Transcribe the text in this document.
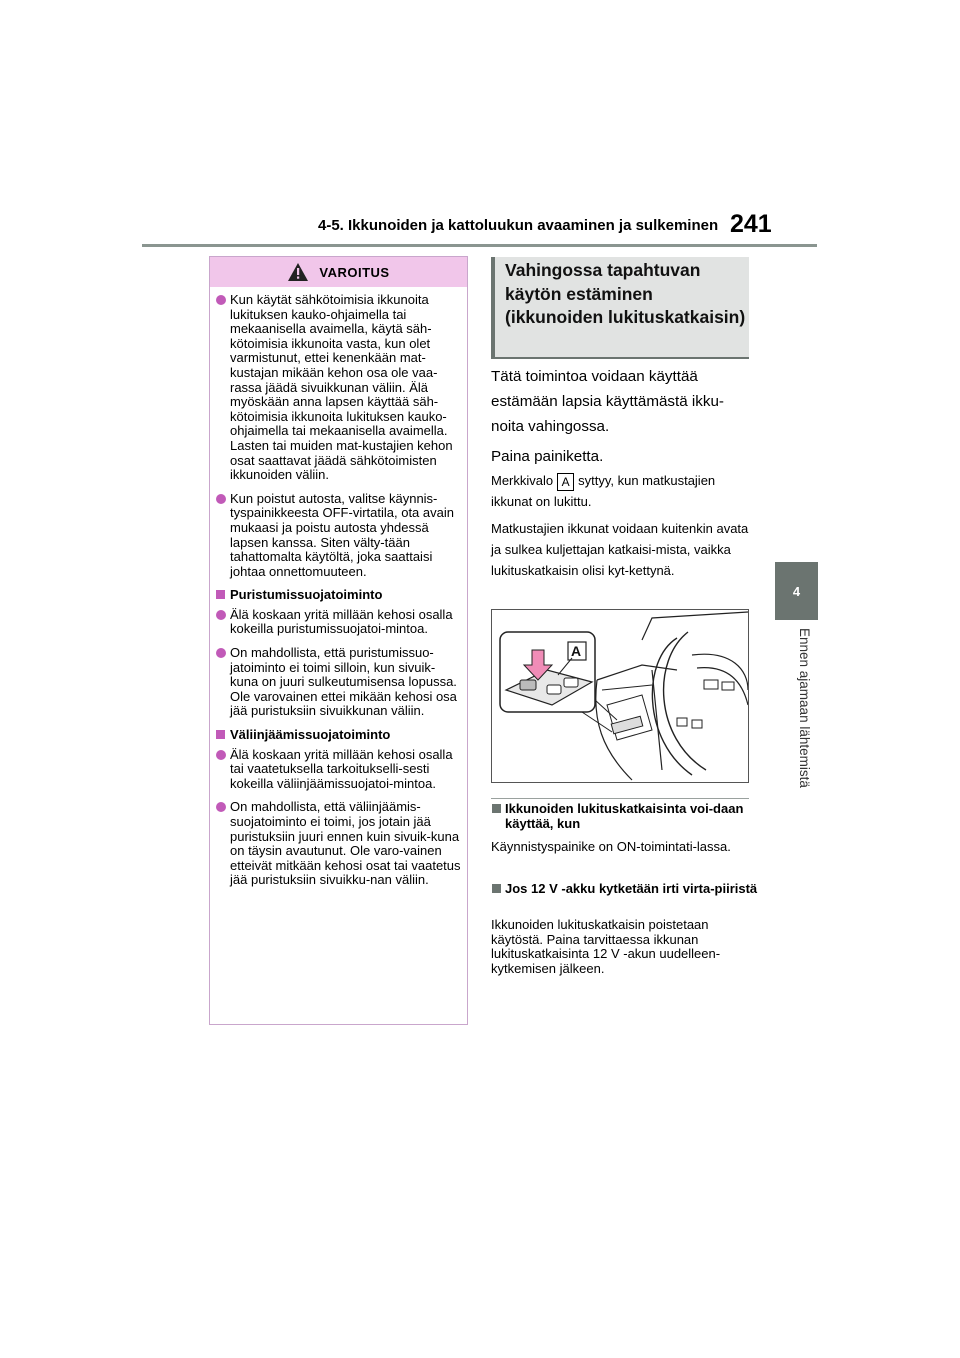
4-5. Ikkunoiden ja kattoluukun avaaminen ja sulkeminen 241
4
Ennen ajamaan lähtemistä
VAROITUS
Kun käytät sähkötoimisia ikkunoita lukituksen kauko-ohjaimella tai mekaanisella avaimella, käytä säh-kötoimisia ikkunoita vasta, kun olet varmistunut, ettei kenenkään mat-kustajan mikään kehon osa ole vaa-rassa jäädä sivuikkunan väliin. Älä myöskään anna lapsen käyttää säh-kötoimisia ikkunoita lukituksen kauko-ohjaimella tai mekaanisella avaimella. Lasten tai muiden mat-kustajien kehon osat saattavat jäädä sähkötoimisten ikkunoiden väliin.
Kun poistut autosta, valitse käynnis-tyspainikkeesta OFF-virtatila, ota avain mukaasi ja poistu autosta yhdessä lapsen kanssa. Siten välty-tään tahattomalta käytöltä, joka saattaisi johtaa onnettomuuteen.
Puristumissuojatoiminto
Älä koskaan yritä millään kehosi osalla kokeilla puristumissuojatoi-mintoa.
On mahdollista, että puristumissuo-jatoiminto ei toimi silloin, kun sivuik-kuna on juuri sulkeutumisensa lopussa. Ole varovainen ettei mikään kehosi osa jää puristuksiin sivuikkunan väliin.
Väliinjäämissuojatoiminto
Älä koskaan yritä millään kehosi osalla tai vaatetuksella tarkoitukselli-sesti kokeilla väliinjäämissuojatoi-mintoa.
On mahdollista, että väliinjäämis-suojatoiminto ei toimi, jos jotain jää puristuksiin juuri ennen kuin sivuik-kuna on täysin avautunut. Ole varo-vainen etteivät mitkään kehosi osat tai vaatetus jää puristuksiin sivuikku-nan väliin.
Vahingossa tapahtuvan käytön estäminen (ikkunoiden lukituskatkaisin)

Tätä toimintoa voidaan käyttää estämään lapsia käyttämästä ikku-noita vahingossa.

Paina painiketta.

Merkkivalo A syttyy, kun matkustajien ikkunat on lukittu.

Matkustajien ikkunat voidaan kuitenkin avata ja sulkea kuljettajan katkaisi-mista, vaikka lukituskatkaisin olisi kyt-kettynä.

A
Ikkunoiden lukituskatkaisinta voi-daan käyttää, kun
Käynnistyspainike on ON-toimintati-lassa.
Jos 12 V -akku kytketään irti virta-piiristä
Ikkunoiden lukituskatkaisin poistetaan käytöstä. Paina tarvittaessa ikkunan lukituskatkaisinta 12 V -akun uudelleen-kytkemisen jälkeen.
